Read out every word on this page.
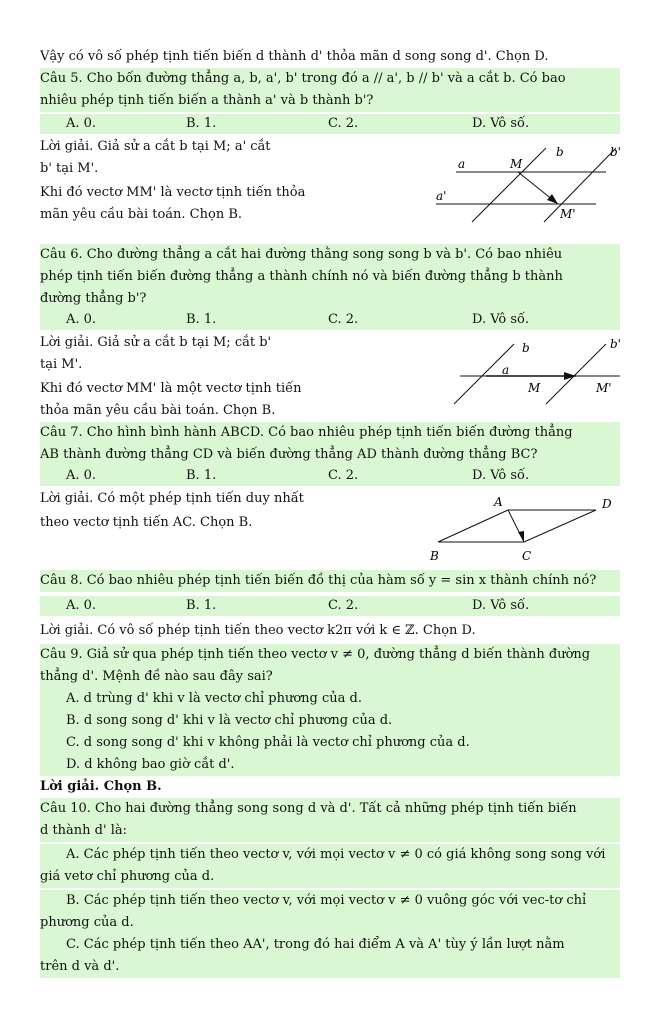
Vậy có vô số phép tịnh tiến biến d thành d' thỏa mãn d song song d'. Chọn D.
Câu 5. Cho bốn đường thẳng a, b, a', b' trong đó a // a', b // b' và a cắt b. Có bao
nhiêu phép tịnh tiến biến a thành a' và b thành b'?
A. 0.	B. 1.	C. 2.	D. Vô số.
Lời giải. Giả sử a cắt b tại M; a' cắt
b' tại M'.
Khi đó vectơ MM' là vectơ tịnh tiến thỏa
mãn yêu cầu bài toán. Chọn B.
a	M
b	b'
a'
M'
Câu 6. Cho đường thẳng a cắt hai đường thằng song song b và b'. Có bao nhiêu
phép tịnh tiến biến đường thẳng a thành chính nó và biến đường thẳng b thành
đường thẳng b'?
A. 0.	B. 1.	C. 2.	D. Vô số.
Lời giải. Giả sử a cắt b tại M; cắt b'
tại M'.
Khi đó vectơ MM' là một vectơ tịnh tiến
thỏa mãn yêu cầu bài toán. Chọn B.
b	b'
a
M	M'
Câu 7. Cho hình bình hành ABCD. Có bao nhiêu phép tịnh tiến biến đường thẳng
AB thành đường thẳng CD và biến đường thẳng AD thành đường thẳng BC?
A. 0.	B. 1.	C. 2.	D. Vô số.
Lời giải. Có một phép tịnh tiến duy nhất
theo vectơ tịnh tiến AC. Chọn B.
A	D
B	C
Câu 8. Có bao nhiêu phép tịnh tiến biến đồ thị của hàm số y = sin x thành chính nó?
A. 0.	B. 1.	C. 2.	D. Vô số.
Lời giải. Có vô số phép tịnh tiến theo vectơ k2π với k ∈ ℤ. Chọn D.
Câu 9. Giả sử qua phép tịnh tiến theo vectơ v ≠ 0, đường thẳng d biến thành đường
thẳng d'. Mệnh đề nào sau đây sai?
A. d trùng d' khi v là vectơ chỉ phương của d.
B. d song song d' khi v là vectơ chỉ phương của d.
C. d song song d' khi v không phải là vectơ chỉ phương của d.
D. d không bao giờ cắt d'.
Lời giải. Chọn B.
Câu 10. Cho hai đường thẳng song song d và d'. Tất cả những phép tịnh tiến biến
d thành d' là:
A. Các phép tịnh tiến theo vectơ v, với mọi vectơ v ≠ 0 có giá không song song với
giá vetơ chỉ phương của d.
B. Các phép tịnh tiến theo vectơ v, với mọi vectơ v ≠ 0 vuông góc với vec-tơ chỉ
phương của d.
C. Các phép tịnh tiến theo AA', trong đó hai điểm A và A' tùy ý lần lượt nằm
trên d và d'.
